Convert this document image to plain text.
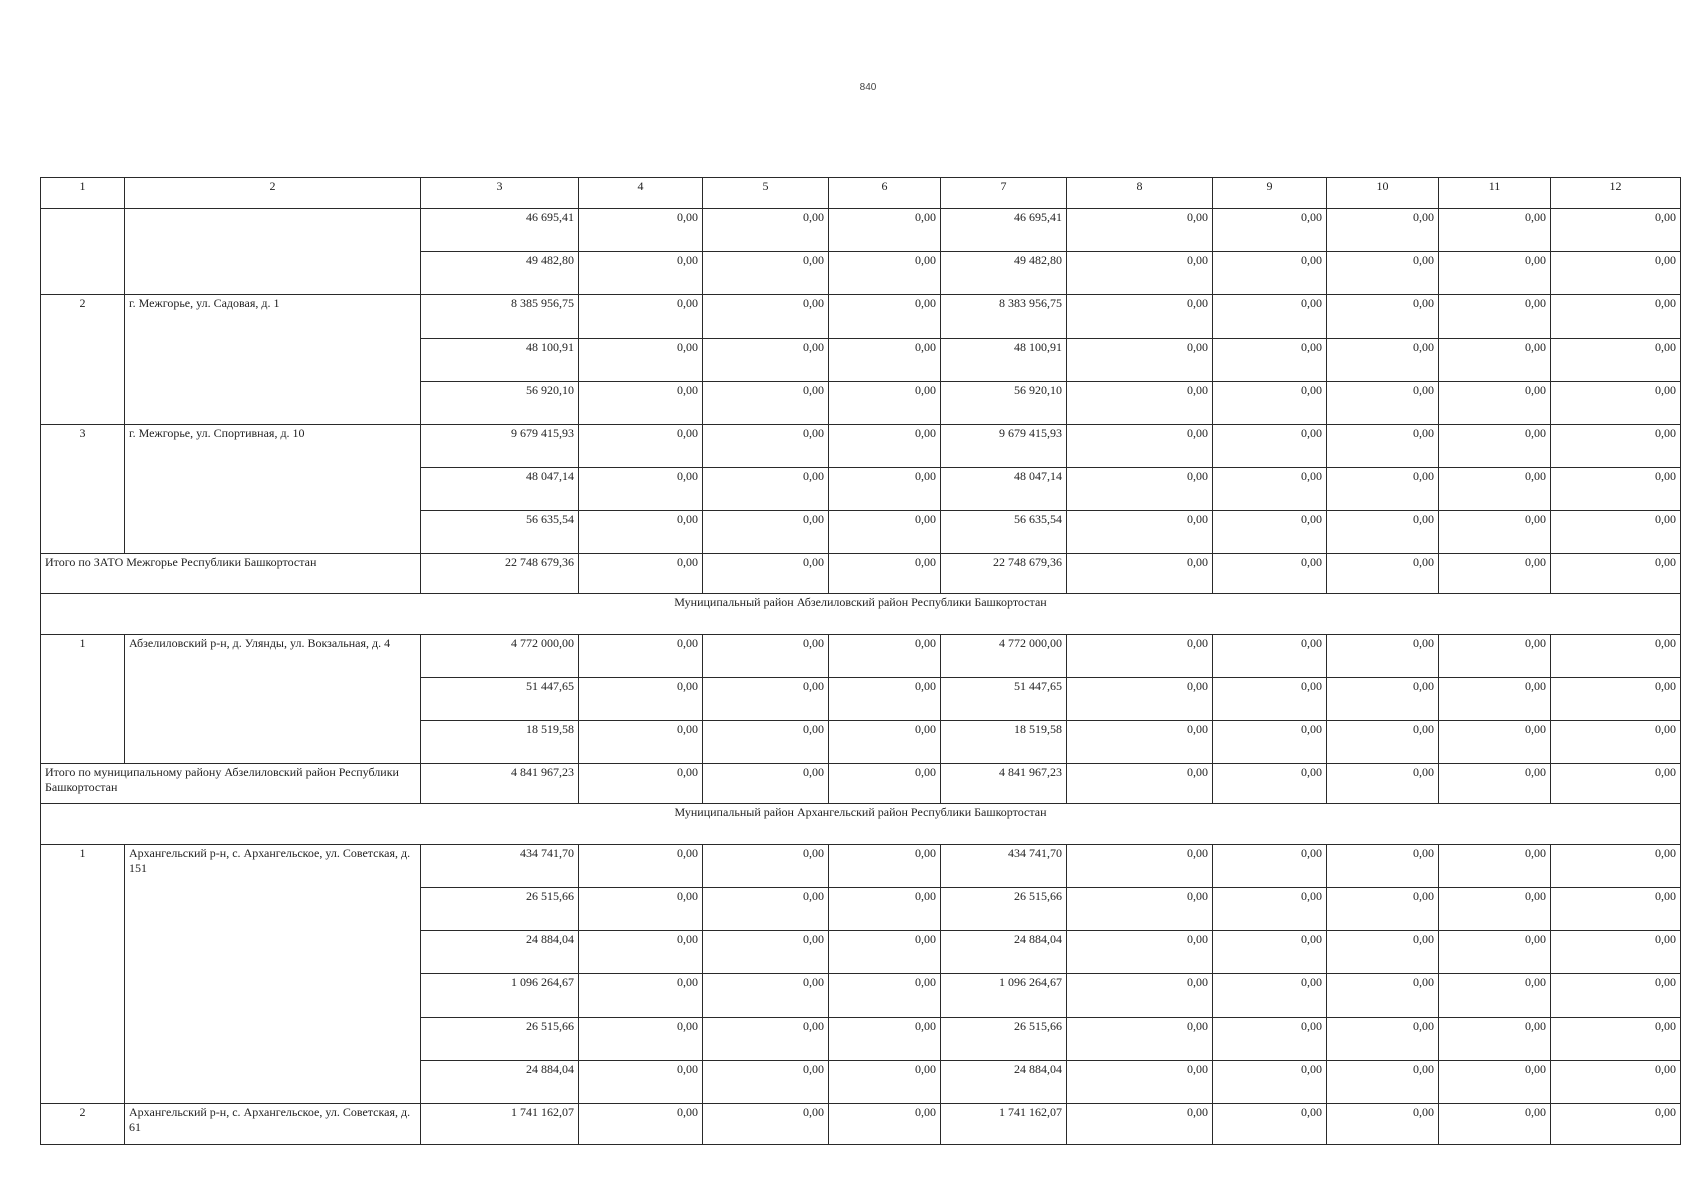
840
1	2	3	4	5	6	7	8	9	10	11	12
		46 695,41	0,00	0,00	0,00	46 695,41	0,00	0,00	0,00	0,00	0,00
		49 482,80	0,00	0,00	0,00	49 482,80	0,00	0,00	0,00	0,00	0,00
2	г. Межгорье, ул. Садовая, д. 1	8 385 956,75	0,00	0,00	0,00	8 383 956,75	0,00	0,00	0,00	0,00	0,00
		48 100,91	0,00	0,00	0,00	48 100,91	0,00	0,00	0,00	0,00	0,00
		56 920,10	0,00	0,00	0,00	56 920,10	0,00	0,00	0,00	0,00	0,00
3	г. Межгорье, ул. Спортивная, д. 10	9 679 415,93	0,00	0,00	0,00	9 679 415,93	0,00	0,00	0,00	0,00	0,00
		48 047,14	0,00	0,00	0,00	48 047,14	0,00	0,00	0,00	0,00	0,00
		56 635,54	0,00	0,00	0,00	56 635,54	0,00	0,00	0,00	0,00	0,00
Итого по ЗАТО Межгорье Республики Башкортостан		22 748 679,36	0,00	0,00	0,00	22 748 679,36	0,00	0,00	0,00	0,00	0,00
Муниципальный район Абзелиловский район Республики Башкортостан											
1	Абзелиловский р-н, д. Улянды, ул. Вокзальная, д. 4	4 772 000,00	0,00	0,00	0,00	4 772 000,00	0,00	0,00	0,00	0,00	0,00
		51 447,65	0,00	0,00	0,00	51 447,65	0,00	0,00	0,00	0,00	0,00
		18 519,58	0,00	0,00	0,00	18 519,58	0,00	0,00	0,00	0,00	0,00
Итого по муниципальному району Абзелиловский район Республики Башкортостан		4 841 967,23	0,00	0,00	0,00	4 841 967,23	0,00	0,00	0,00	0,00	0,00
Муниципальный район Архангельский район Республики Башкортостан											
1	Архангельский р-н, с. Архангельское, ул. Советская, д. 151	434 741,70	0,00	0,00	0,00	434 741,70	0,00	0,00	0,00	0,00	0,00
		26 515,66	0,00	0,00	0,00	26 515,66	0,00	0,00	0,00	0,00	0,00
		24 884,04	0,00	0,00	0,00	24 884,04	0,00	0,00	0,00	0,00	0,00
		1 096 264,67	0,00	0,00	0,00	1 096 264,67	0,00	0,00	0,00	0,00	0,00
		26 515,66	0,00	0,00	0,00	26 515,66	0,00	0,00	0,00	0,00	0,00
		24 884,04	0,00	0,00	0,00	24 884,04	0,00	0,00	0,00	0,00	0,00
2	Архангельский р-н, с. Архангельское, ул. Советская, д. 61	1 741 162,07	0,00	0,00	0,00	1 741 162,07	0,00	0,00	0,00	0,00	0,00
